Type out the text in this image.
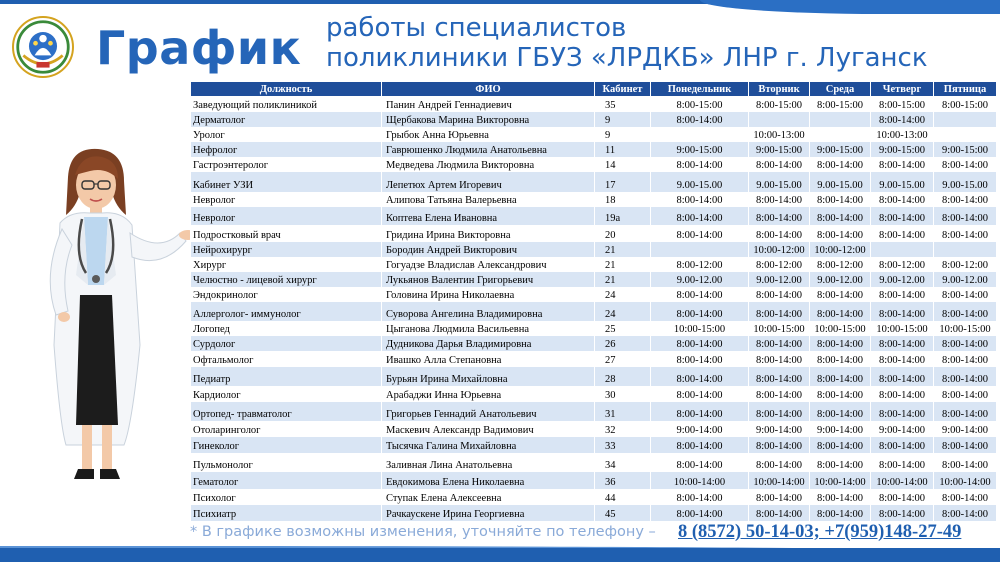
График работы специалистов
поликлиники ГБУЗ «ЛРДКБ» ЛНР г. Луганск
Должность	ФИО	Кабинет	Понедельник	Вторник	Среда	Четверг	Пятница
Заведующий поликлиникой	Панин Андрей Геннадиевич	35	8:00-15:00	8:00-15:00	8:00-15:00	8:00-15:00	8:00-15:00
Дерматолог	Щербакова Марина Викторовна	9	8:00-14:00			8:00-14:00	
Уролог	Грыбок Анна Юрьевна	9		10:00-13:00		10:00-13:00	
Нефролог	Гаврюшенко Людмила Анатольевна	11	9:00-15:00	9:00-15:00	9:00-15:00	9:00-15:00	9:00-15:00
Гастроэнтеролог	Медведева Людмила Викторовна	14	8:00-14:00	8:00-14:00	8:00-14:00	8:00-14:00	8:00-14:00
Кабинет УЗИ	Лепетюх Артем Игоревич	17	9.00-15.00	9.00-15.00	9.00-15.00	9.00-15.00	9.00-15.00
Невролог	Алипова Татьяна Валерьевна	18	8:00-14:00	8:00-14:00	8:00-14:00	8:00-14:00	8:00-14:00
Невролог	Коптева Елена Ивановна	19а	8:00-14:00	8:00-14:00	8:00-14:00	8:00-14:00	8:00-14:00
Подростковый врач	Гридина Ирина Викторовна	20	8:00-14:00	8:00-14:00	8:00-14:00	8:00-14:00	8:00-14:00
Нейрохирург	Бородин Андрей Викторович	21		10:00-12:00	10:00-12:00		
Хирург	Гогуадзе Владислав Александрович	21	8:00-12:00	8:00-12:00	8:00-12:00	8:00-12:00	8:00-12:00
Челюстно - лицевой хирург	Лукьянов Валентин Григорьевич	21	9.00-12.00	9.00-12.00	9.00-12.00	9.00-12.00	9.00-12.00
Эндокринолог	Головина Ирина Николаевна	24	8:00-14:00	8:00-14:00	8:00-14:00	8:00-14:00	8:00-14:00
Аллерголог- иммунолог	Суворова Ангелина Владимировна	24	8:00-14:00	8:00-14:00	8:00-14:00	8:00-14:00	8:00-14:00
Логопед	Цыганова Людмила Васильевна	25	10:00-15:00	10:00-15:00	10:00-15:00	10:00-15:00	10:00-15:00
Сурдолог	Дудникова Дарья Владимировна	26	8:00-14:00	8:00-14:00	8:00-14:00	8:00-14:00	8:00-14:00
Офтальмолог	Ивашко Алла Степановна	27	8:00-14:00	8:00-14:00	8:00-14:00	8:00-14:00	8:00-14:00
Педиатр	Бурьян Ирина Михайловна	28	8:00-14:00	8:00-14:00	8:00-14:00	8:00-14:00	8:00-14:00
Кардиолог	Арабаджи Инна Юрьевна	30	8:00-14:00	8:00-14:00	8:00-14:00	8:00-14:00	8:00-14:00
Ортопед- травматолог	Григорьев Геннадий Анатольевич	31	8:00-14:00	8:00-14:00	8:00-14:00	8:00-14:00	8:00-14:00
Отоларинголог	Маскевич Александр Вадимович	32	9:00-14:00	9:00-14:00	9:00-14:00	9:00-14:00	9:00-14:00
Гинеколог	Тысячка Галина Михайловна	33	8:00-14:00	8:00-14:00	8:00-14:00	8:00-14:00	8:00-14:00
Пульмонолог	Заливная Лина Анатольевна	34	8:00-14:00	8:00-14:00	8:00-14:00	8:00-14:00	8:00-14:00
Гематолог	Евдокимова Елена Николаевна	36	10:00-14:00	10:00-14:00	10:00-14:00	10:00-14:00	10:00-14:00
Психолог	Ступак Елена Алексеевна	44	8:00-14:00	8:00-14:00	8:00-14:00	8:00-14:00	8:00-14:00
Психиатр	Рачкаускене Ирина Георгиевна	45	8:00-14:00	8:00-14:00	8:00-14:00	8:00-14:00	8:00-14:00
* В графике возможны изменения, уточняйте по телефону – 8 (8572) 50-14-03; +7(959)148-27-49
